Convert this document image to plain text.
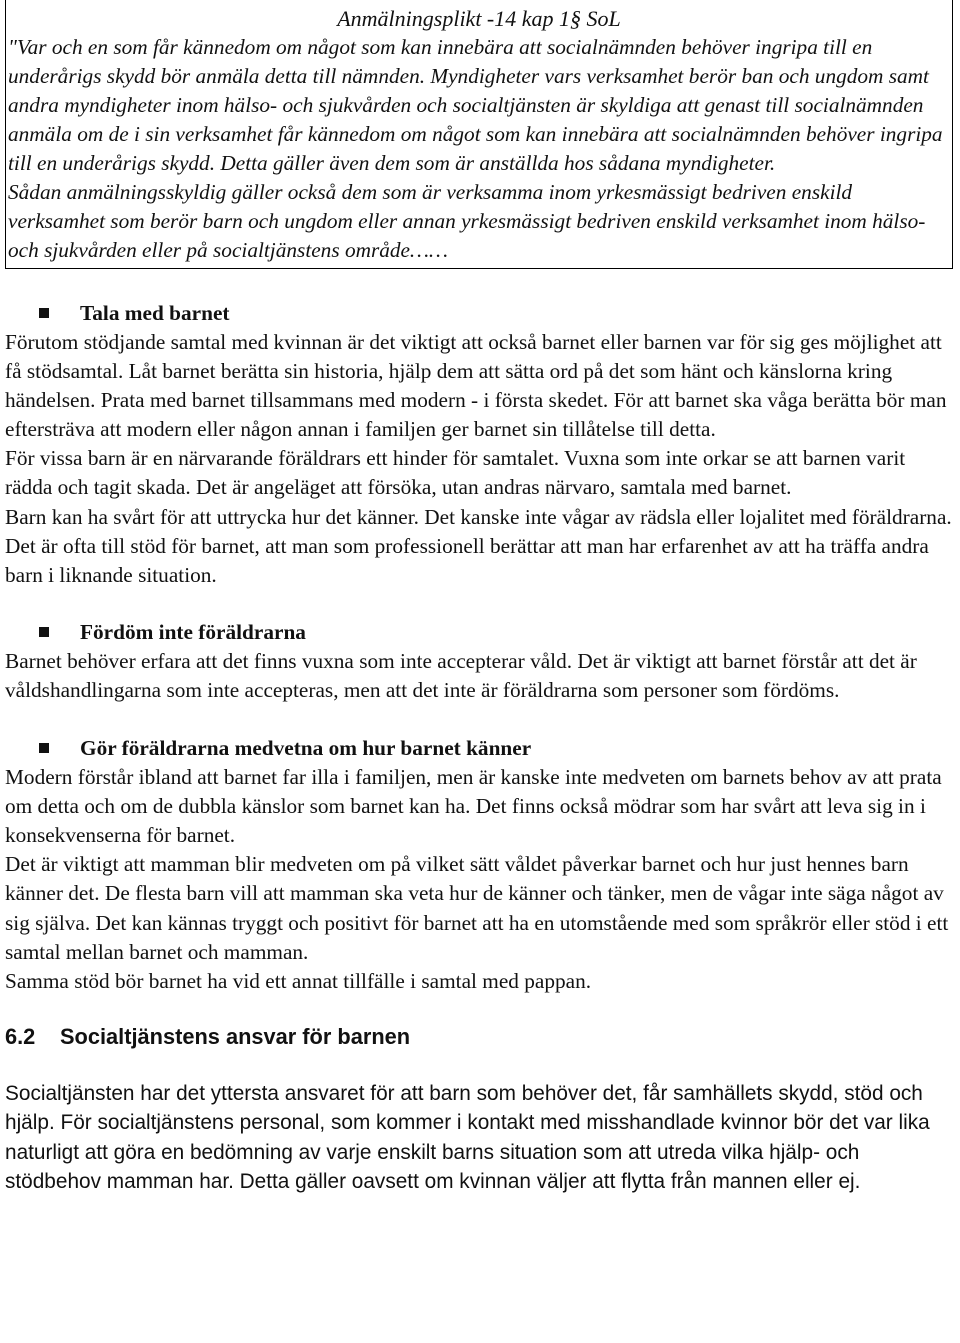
Anmälningsplikt -14 kap 1§ SoL

"Var och en som får kännedom om något som kan innebära att socialnämnden behöver ingripa till en underårigs skydd bör anmäla detta till nämnden. Myndigheter vars verksamhet berör ban och ungdom samt andra myndigheter inom hälso- och sjukvården och socialtjänsten är skyldiga att genast till socialnämnden anmäla om de i sin verksamhet får kännedom om något som kan innebära att socialnämnden behöver ingripa till en underårigs skydd. Detta gäller även dem som är anställda hos sådana myndigheter.

Sådan anmälningsskyldig gäller också dem som är verksamma inom yrkesmässigt bedriven enskild verksamhet som berör barn och ungdom eller annan yrkesmässigt bedriven enskild verksamhet inom hälso- och sjukvården eller på socialtjänstens område……

Tala med barnet

Förutom stödjande samtal med kvinnan är det viktigt att också barnet eller barnen var för sig ges möjlighet att få stödsamtal. Låt barnet berätta sin historia, hjälp dem att sätta ord på det som hänt och känslorna kring händelsen. Prata med barnet tillsammans med modern - i första skedet. För att barnet ska våga berätta bör man eftersträva att modern eller någon annan i familjen ger barnet sin tillåtelse till detta.

För vissa barn är en närvarande föräldrars ett hinder för samtalet. Vuxna som inte orkar se att barnen varit rädda och tagit skada. Det är angeläget att försöka, utan andras närvaro, samtala med barnet.

Barn kan ha svårt för att uttrycka hur det känner. Det kanske inte vågar av rädsla eller lojalitet med föräldrarna. Det är ofta till stöd för barnet, att man som professionell berättar att man har erfarenhet av att ha träffa andra barn i liknande situation.

Fördöm inte föräldrarna

Barnet behöver erfara att det finns vuxna som inte accepterar våld. Det är viktigt att barnet förstår att det är våldshandlingarna som inte accepteras, men att det inte är föräldrarna som personer som fördöms.

Gör föräldrarna medvetna om hur barnet känner

Modern förstår ibland att barnet far illa i familjen, men är kanske inte medveten om barnets behov av att prata om detta och om de dubbla känslor som barnet kan ha. Det finns också mödrar som har svårt att leva sig in i konsekvenserna för barnet.

Det är viktigt att mamman blir medveten om på vilket sätt våldet påverkar barnet och hur just hennes barn känner det. De flesta barn vill att mamman ska veta hur de känner och tänker, men de vågar inte säga något av sig själva. Det kan kännas tryggt och positivt för barnet att ha en utomstående med som språkrör eller stöd i ett samtal mellan barnet och mamman.

Samma stöd bör barnet ha vid ett annat tillfälle i samtal med pappan.

6.2 Socialtjänstens ansvar för barnen

Socialtjänsten har det yttersta ansvaret för att barn som behöver det, får samhällets skydd, stöd och hjälp. För socialtjänstens personal, som kommer i kontakt med misshandlade kvinnor bör det var lika naturligt att göra en bedömning av varje enskilt barns situation som att utreda vilka hjälp- och stödbehov mamman har. Detta gäller oavsett om kvinnan väljer att flytta från mannen eller ej.
